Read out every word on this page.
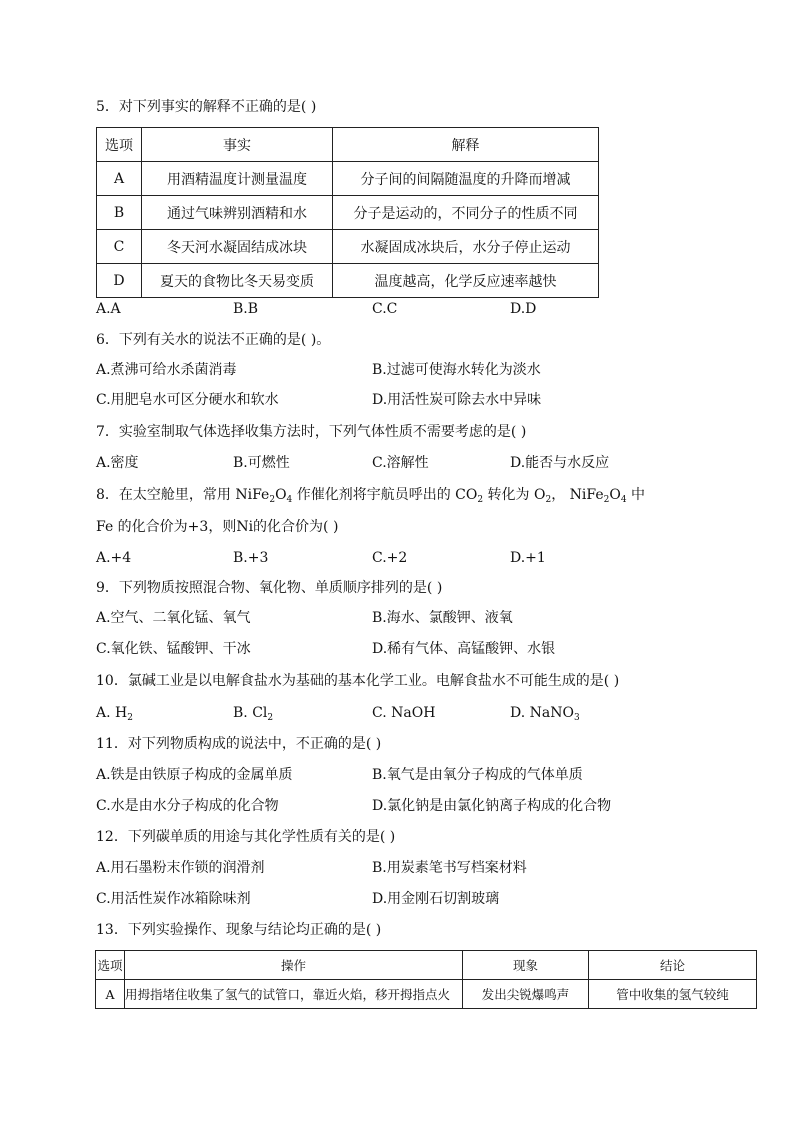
5．对下列事实的解释不正确的是( )
选项	事实	解释
A	用酒精温度计测量温度	分子间的间隔随温度的升降而增减
B	通过气味辨别酒精和水	分子是运动的，不同分子的性质不同
C	冬天河水凝固结成冰块	水凝固成冰块后，水分子停止运动
D	夏天的食物比冬天易变质	温度越高，化学反应速率越快
A.A	B.B	C.C	D.D
6．下列有关水的说法不正确的是( )。
A.煮沸可给水杀菌消毒	B.过滤可使海水转化为淡水
C.用肥皂水可区分硬水和软水	D.用活性炭可除去水中异味
7．实验室制取气体选择收集方法时，下列气体性质不需要考虑的是( )
A.密度	B.可燃性	C.溶解性	D.能否与水反应
8．在太空舱里，常用 $NiFe_2O_4$ 作催化剂将宇航员呼出的 $CO_2$ 转化为 $O_2$， $NiFe_2O_4$ 中
Fe 的化合价为+3，则Ni的化合价为( )
A.+4	B.+3	C.+2	D.+1
9．下列物质按照混合物、氧化物、单质顺序排列的是( )
A.空气、二氧化锰、氧气	B.海水、氯酸钾、液氧
C.氧化铁、锰酸钾、干冰	D.稀有气体、高锰酸钾、水银
10．氯碱工业是以电解食盐水为基础的基本化学工业。电解食盐水不可能生成的是( )
A. $H_2$	B. $Cl_2$	C. NaOH	D. NaNO$_3$
11．对下列物质构成的说法中，不正确的是( )
A.铁是由铁原子构成的金属单质	B.氧气是由氧分子构成的气体单质
C.水是由水分子构成的化合物	D.氯化钠是由氯化钠离子构成的化合物
12．下列碳单质的用途与其化学性质有关的是( )
A.用石墨粉末作锁的润滑剂	B.用炭素笔书写档案材料
C.用活性炭作冰箱除味剂	D.用金刚石切割玻璃
13．下列实验操作、现象与结论均正确的是( )
选项	操作	现象	结论
A	用拇指堵住收集了氢气的试管口，靠近火焰，移开拇指点火	发出尖锐爆鸣声	管中收集的氢气较纯
